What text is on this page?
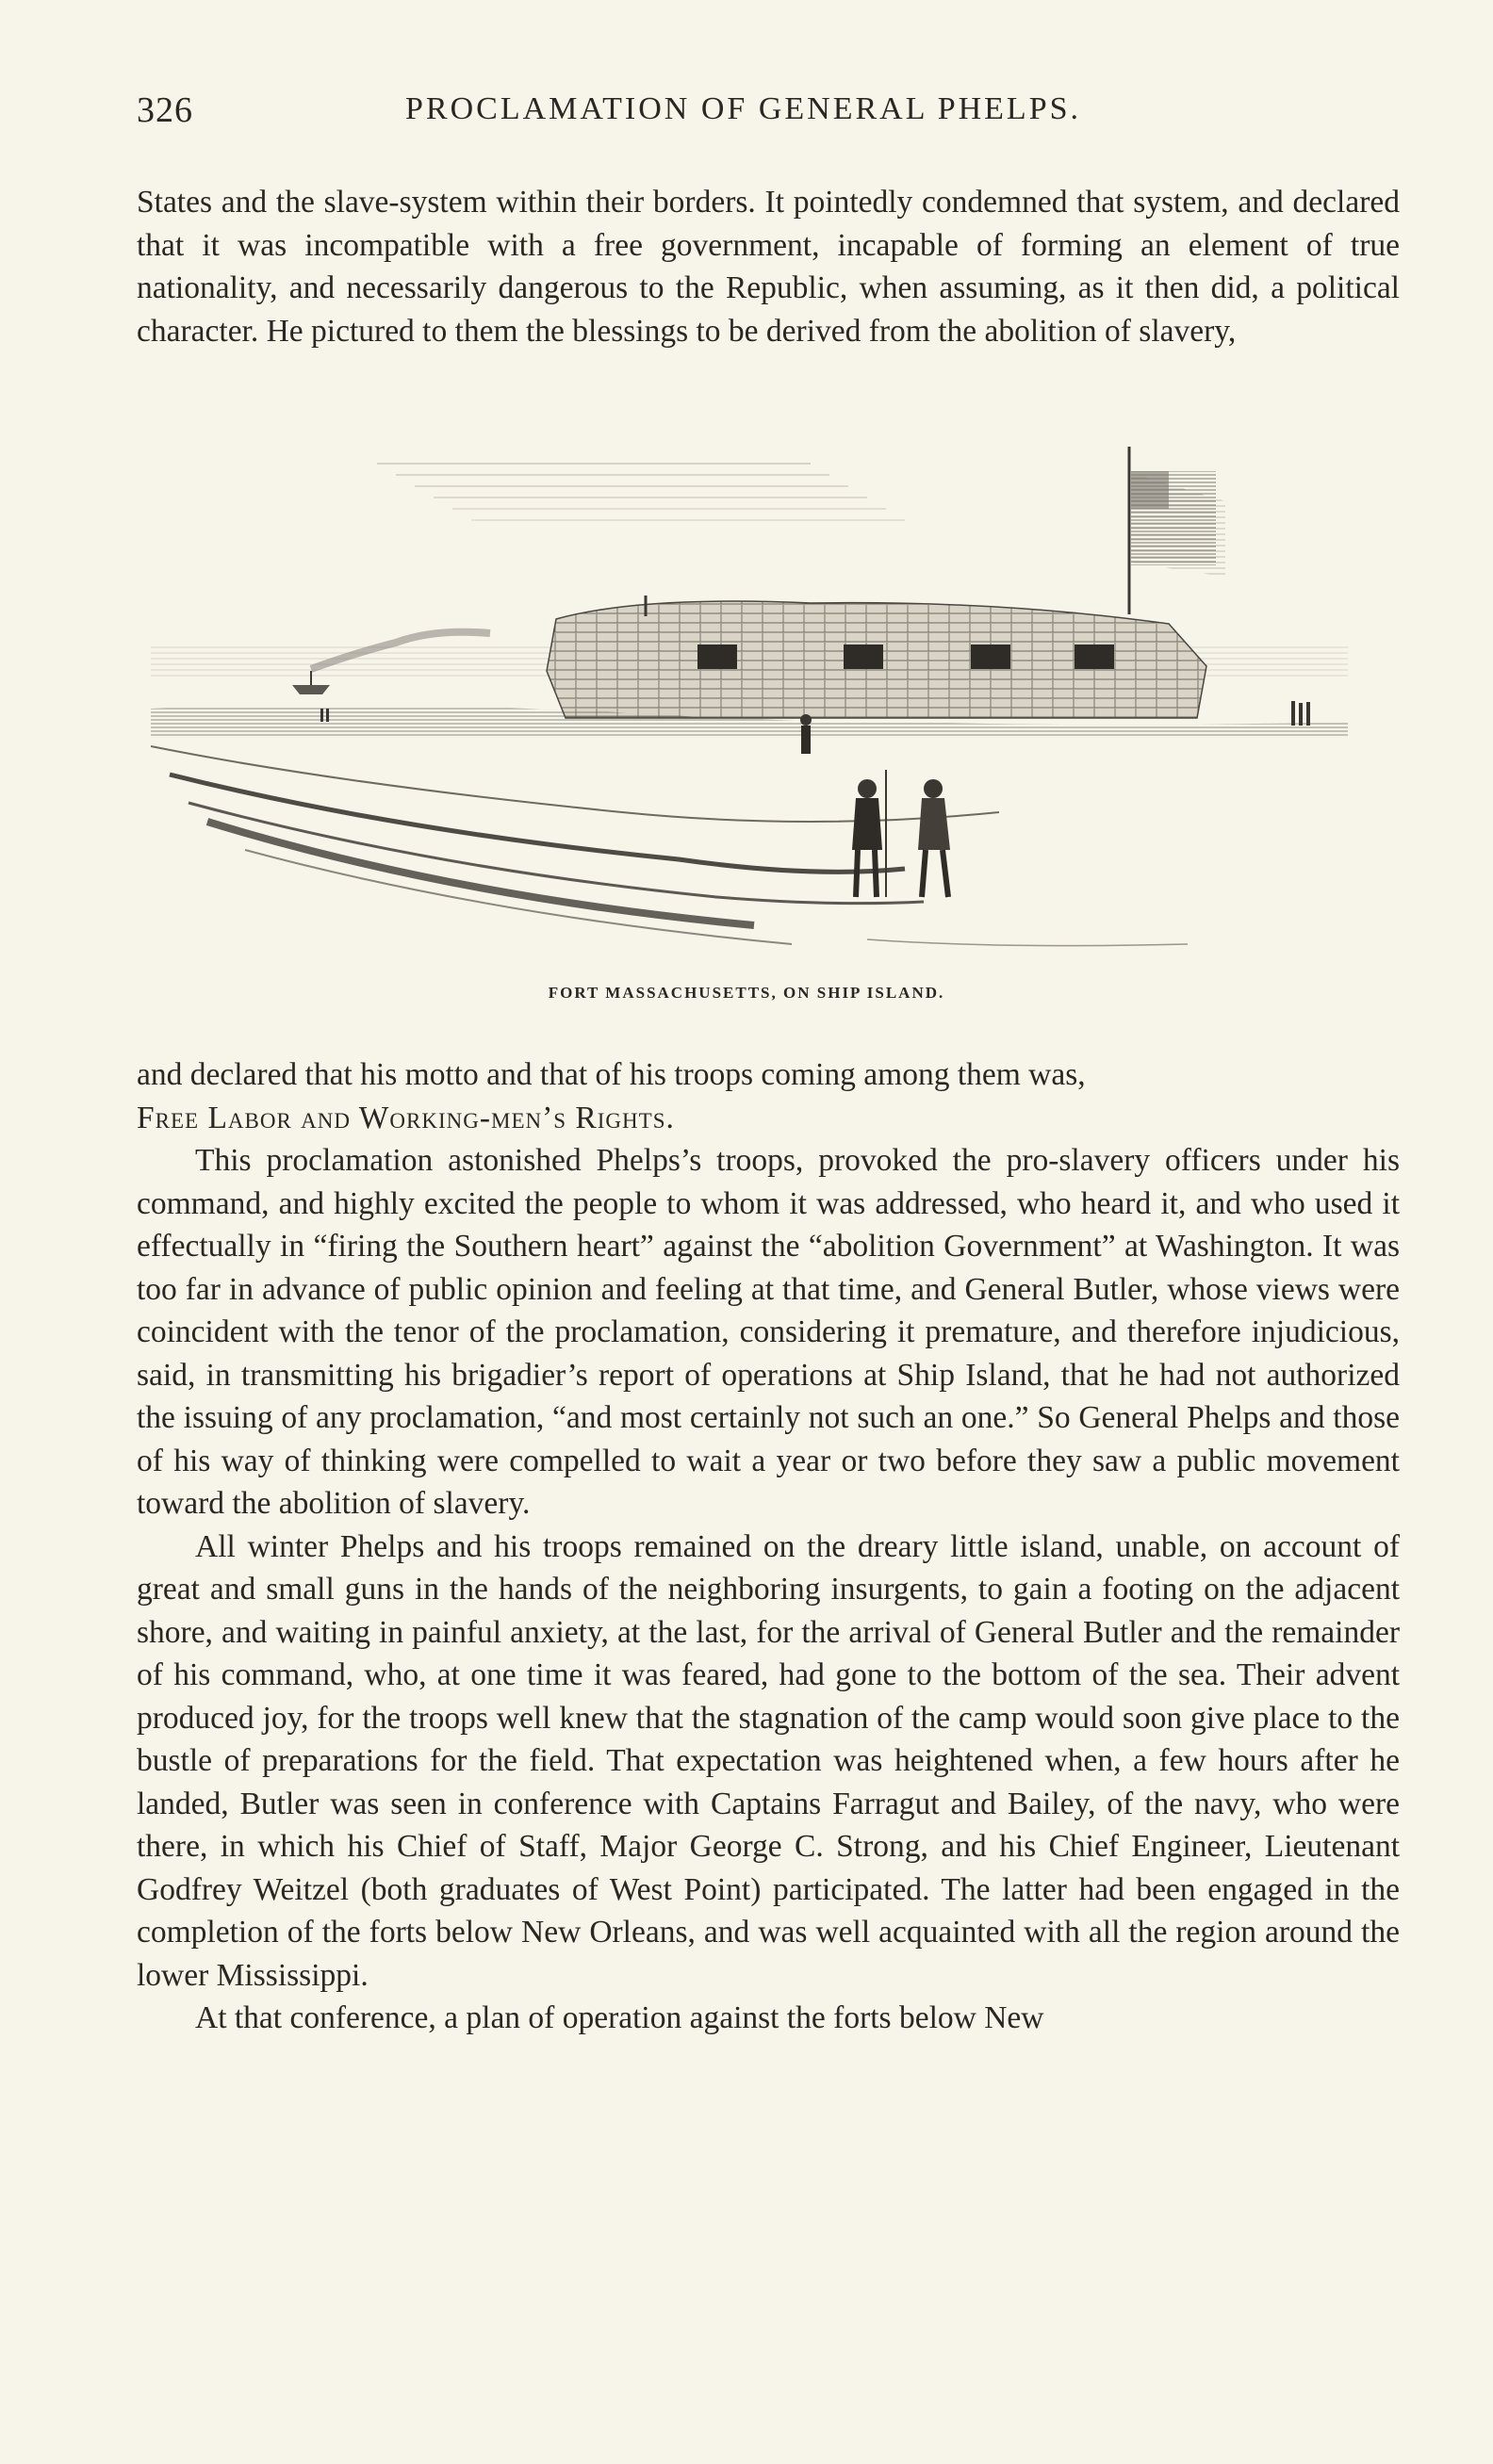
326	PROCLAMATION OF GENERAL PHELPS.

States and the slave-system within their borders. It pointedly condemned that system, and declared that it was incompatible with a free government, incapable of forming an element of true nationality, and necessarily dangerous to the Republic, when assuming, as it then did, a political character. He pictured to them the blessings to be derived from the abolition of slavery,

FORT MASSACHUSETTS, ON SHIP ISLAND.

and declared that his motto and that of his troops coming among them was,

Free Labor and Working-men’s Rights.

This proclamation astonished Phelps’s troops, provoked the pro-slavery officers under his command, and highly excited the people to whom it was addressed, who heard it, and who used it effectually in “firing the Southern heart” against the “abolition Government” at Washington. It was too far in advance of public opinion and feeling at that time, and General Butler, whose views were coincident with the tenor of the proclamation, considering it premature, and therefore injudicious, said, in transmitting his brigadier’s report of operations at Ship Island, that he had not authorized the issuing of any proclamation, “and most certainly not such an one.” So General Phelps and those of his way of thinking were compelled to wait a year or two before they saw a public movement toward the abolition of slavery.

All winter Phelps and his troops remained on the dreary little island, unable, on account of great and small guns in the hands of the neighboring insurgents, to gain a footing on the adjacent shore, and waiting in painful anxiety, at the last, for the arrival of General Butler and the remainder of his command, who, at one time it was feared, had gone to the bottom of the sea. Their advent produced joy, for the troops well knew that the stagnation of the camp would soon give place to the bustle of preparations for the field. That expectation was heightened when, a few hours after he landed, Butler was seen in conference with Captains Farragut and Bailey, of the navy, who were there, in which his Chief of Staff, Major George C. Strong, and his Chief Engineer, Lieutenant Godfrey Weitzel (both graduates of West Point) participated. The latter had been engaged in the completion of the forts below New Orleans, and was well acquainted with all the region around the lower Mississippi.

At that conference, a plan of operation against the forts below New
